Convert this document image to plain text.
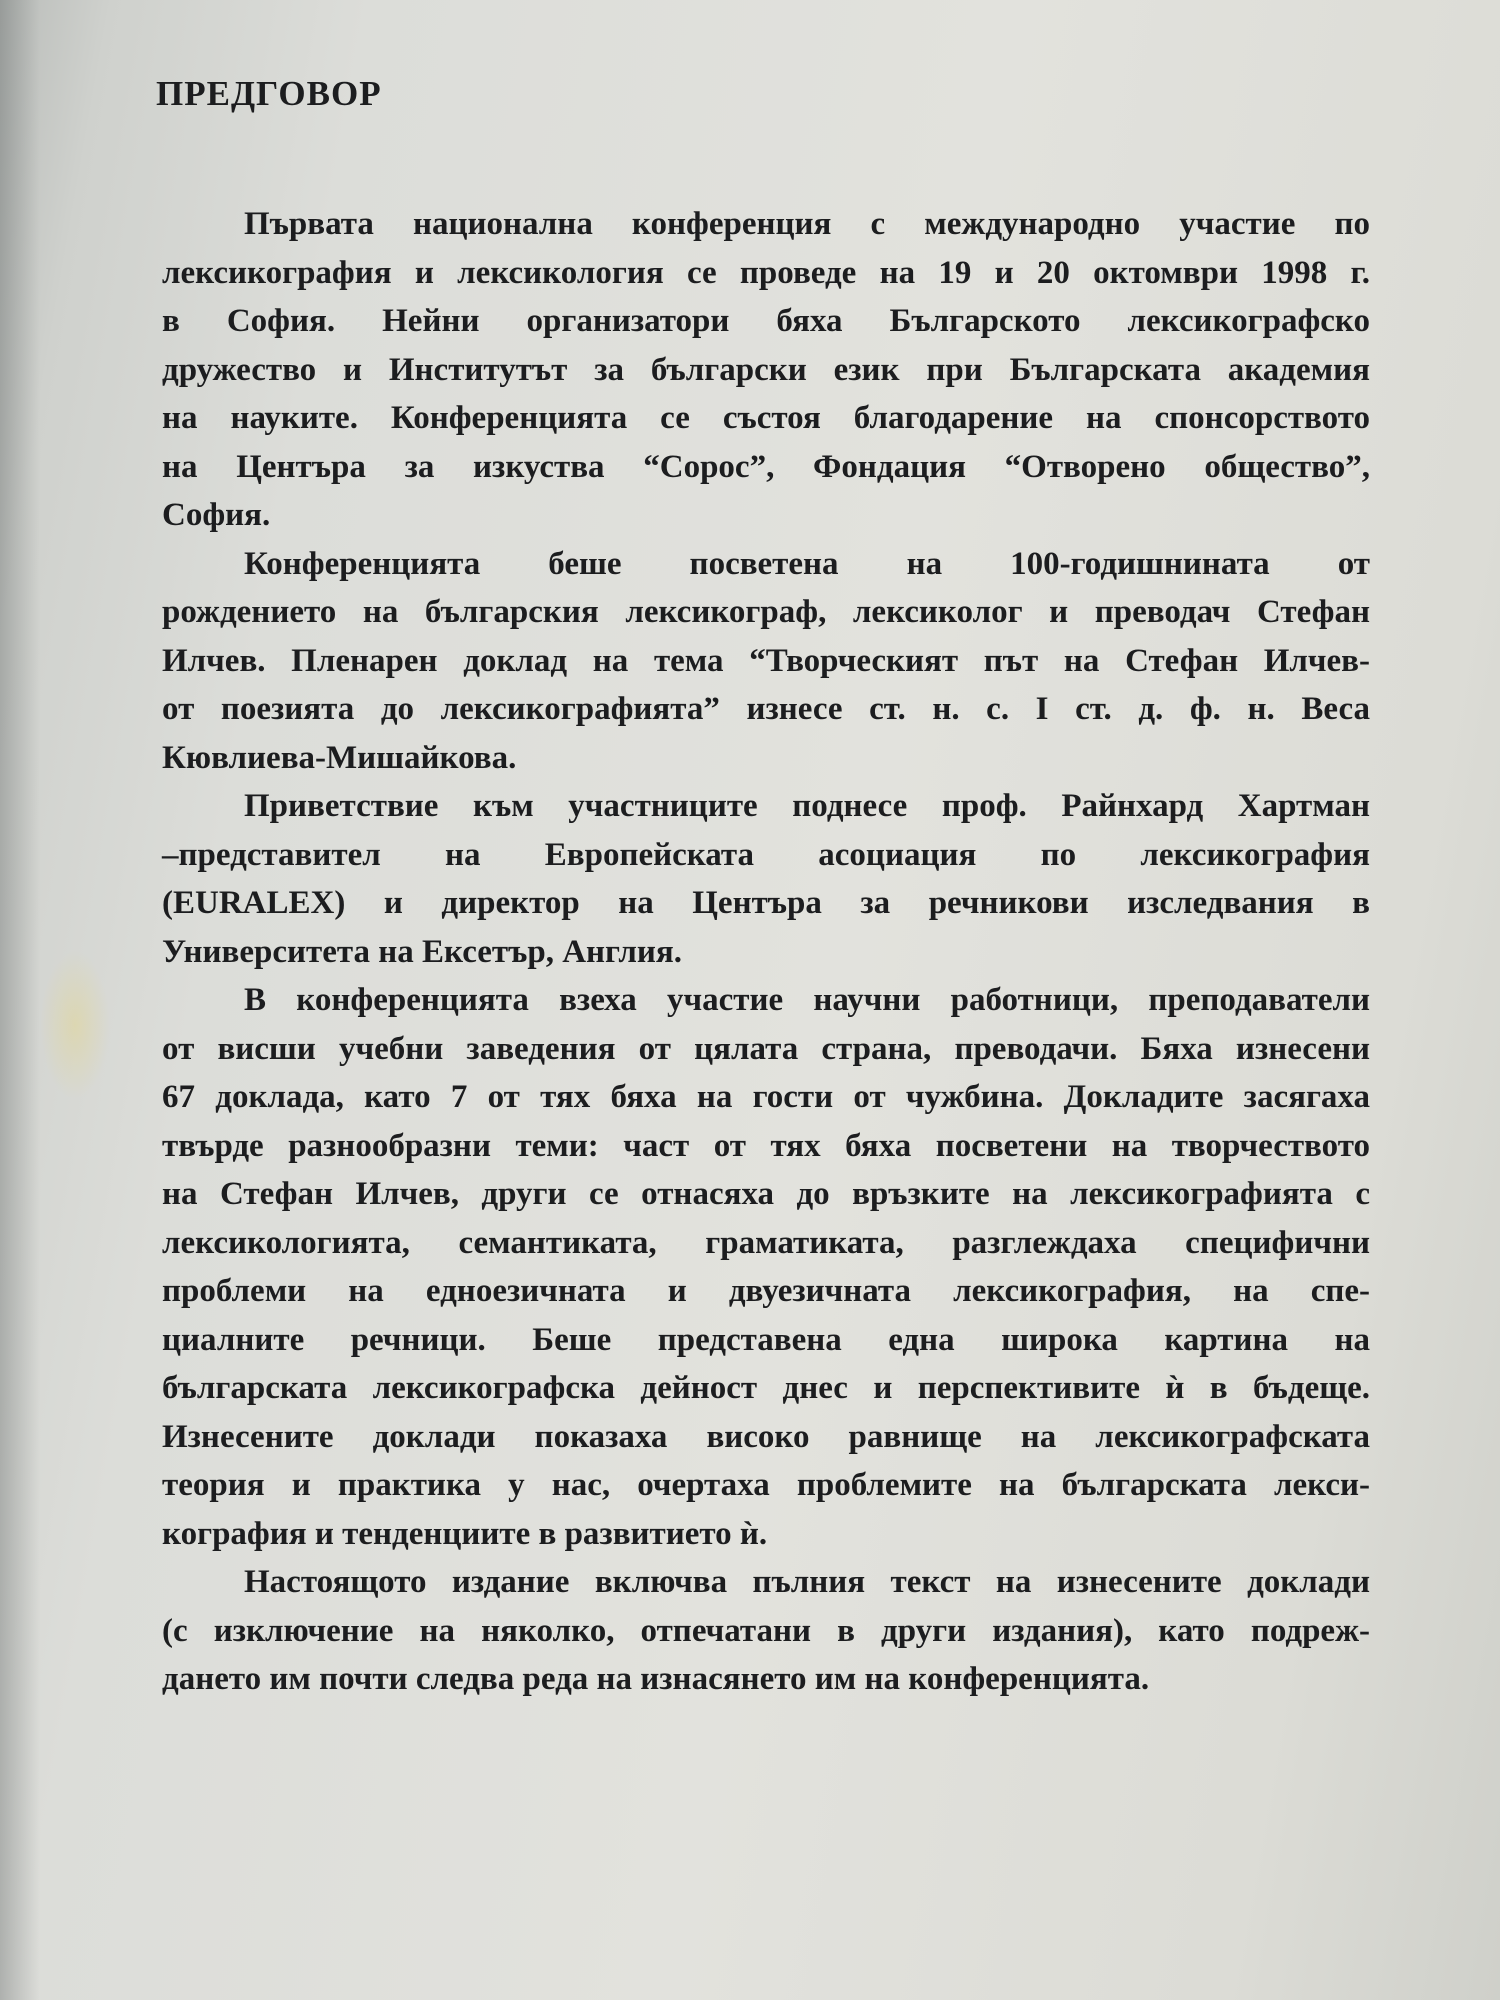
ПРЕДГОВОР
Първата национална конференция с международно участие по
лексикография и лексикология се проведе на 19 и 20 октомври 1998 г.
в София. Нейни организатори бяха Българското лексикографско
дружество и Институтът за български език при Българската академия
на науките. Конференцията се състоя благодарение на спонсорството
на Центъра за изкуства “Сорос”, Фондация “Отворено общество”,
София.
Конференцията беше посветена на 100-годишнината от
рождението на българския лексикограф, лексиколог и преводач Стефан
Илчев. Пленарен доклад на тема “Творческият път на Стефан Илчев-
от поезията до лексикографията” изнесе ст. н. с. I ст. д. ф. н. Веса
Кювлиева-Мишайкова.
Приветствие към участниците поднесе проф. Райнхард Хартман
–представител на Европейската асоциация по лексикография
(EURALEX) и директор на Центъра за речникови изследвания в
Университета на Ексетър, Англия.
В конференцията взеха участие научни работници, преподаватели
от висши учебни заведения от цялата страна, преводачи. Бяха изнесени
67 доклада, като 7 от тях бяха на гости от чужбина. Докладите засягаха
твърде разнообразни теми: част от тях бяха посветени на творчеството
на Стефан Илчев, други се отнасяха до връзките на лексикографията с
лексикологията, семантиката, граматиката, разглеждаха специфични
проблеми на едноезичната и двуезичната лексикография, на спе-
циалните речници. Беше представена една широка картина на
българската лексикографска дейност днес и перспективите ѝ в бъдеще.
Изнесените доклади показаха високо равнище на лексикографската
теория и практика у нас, очертаха проблемите на българската лекси-
кография и тенденциите в развитието ѝ.
Настоящото издание включва пълния текст на изнесените доклади
(с изключение на няколко, отпечатани в други издания), като подреж-
дането им почти следва реда на изнасянето им на конференцията.
